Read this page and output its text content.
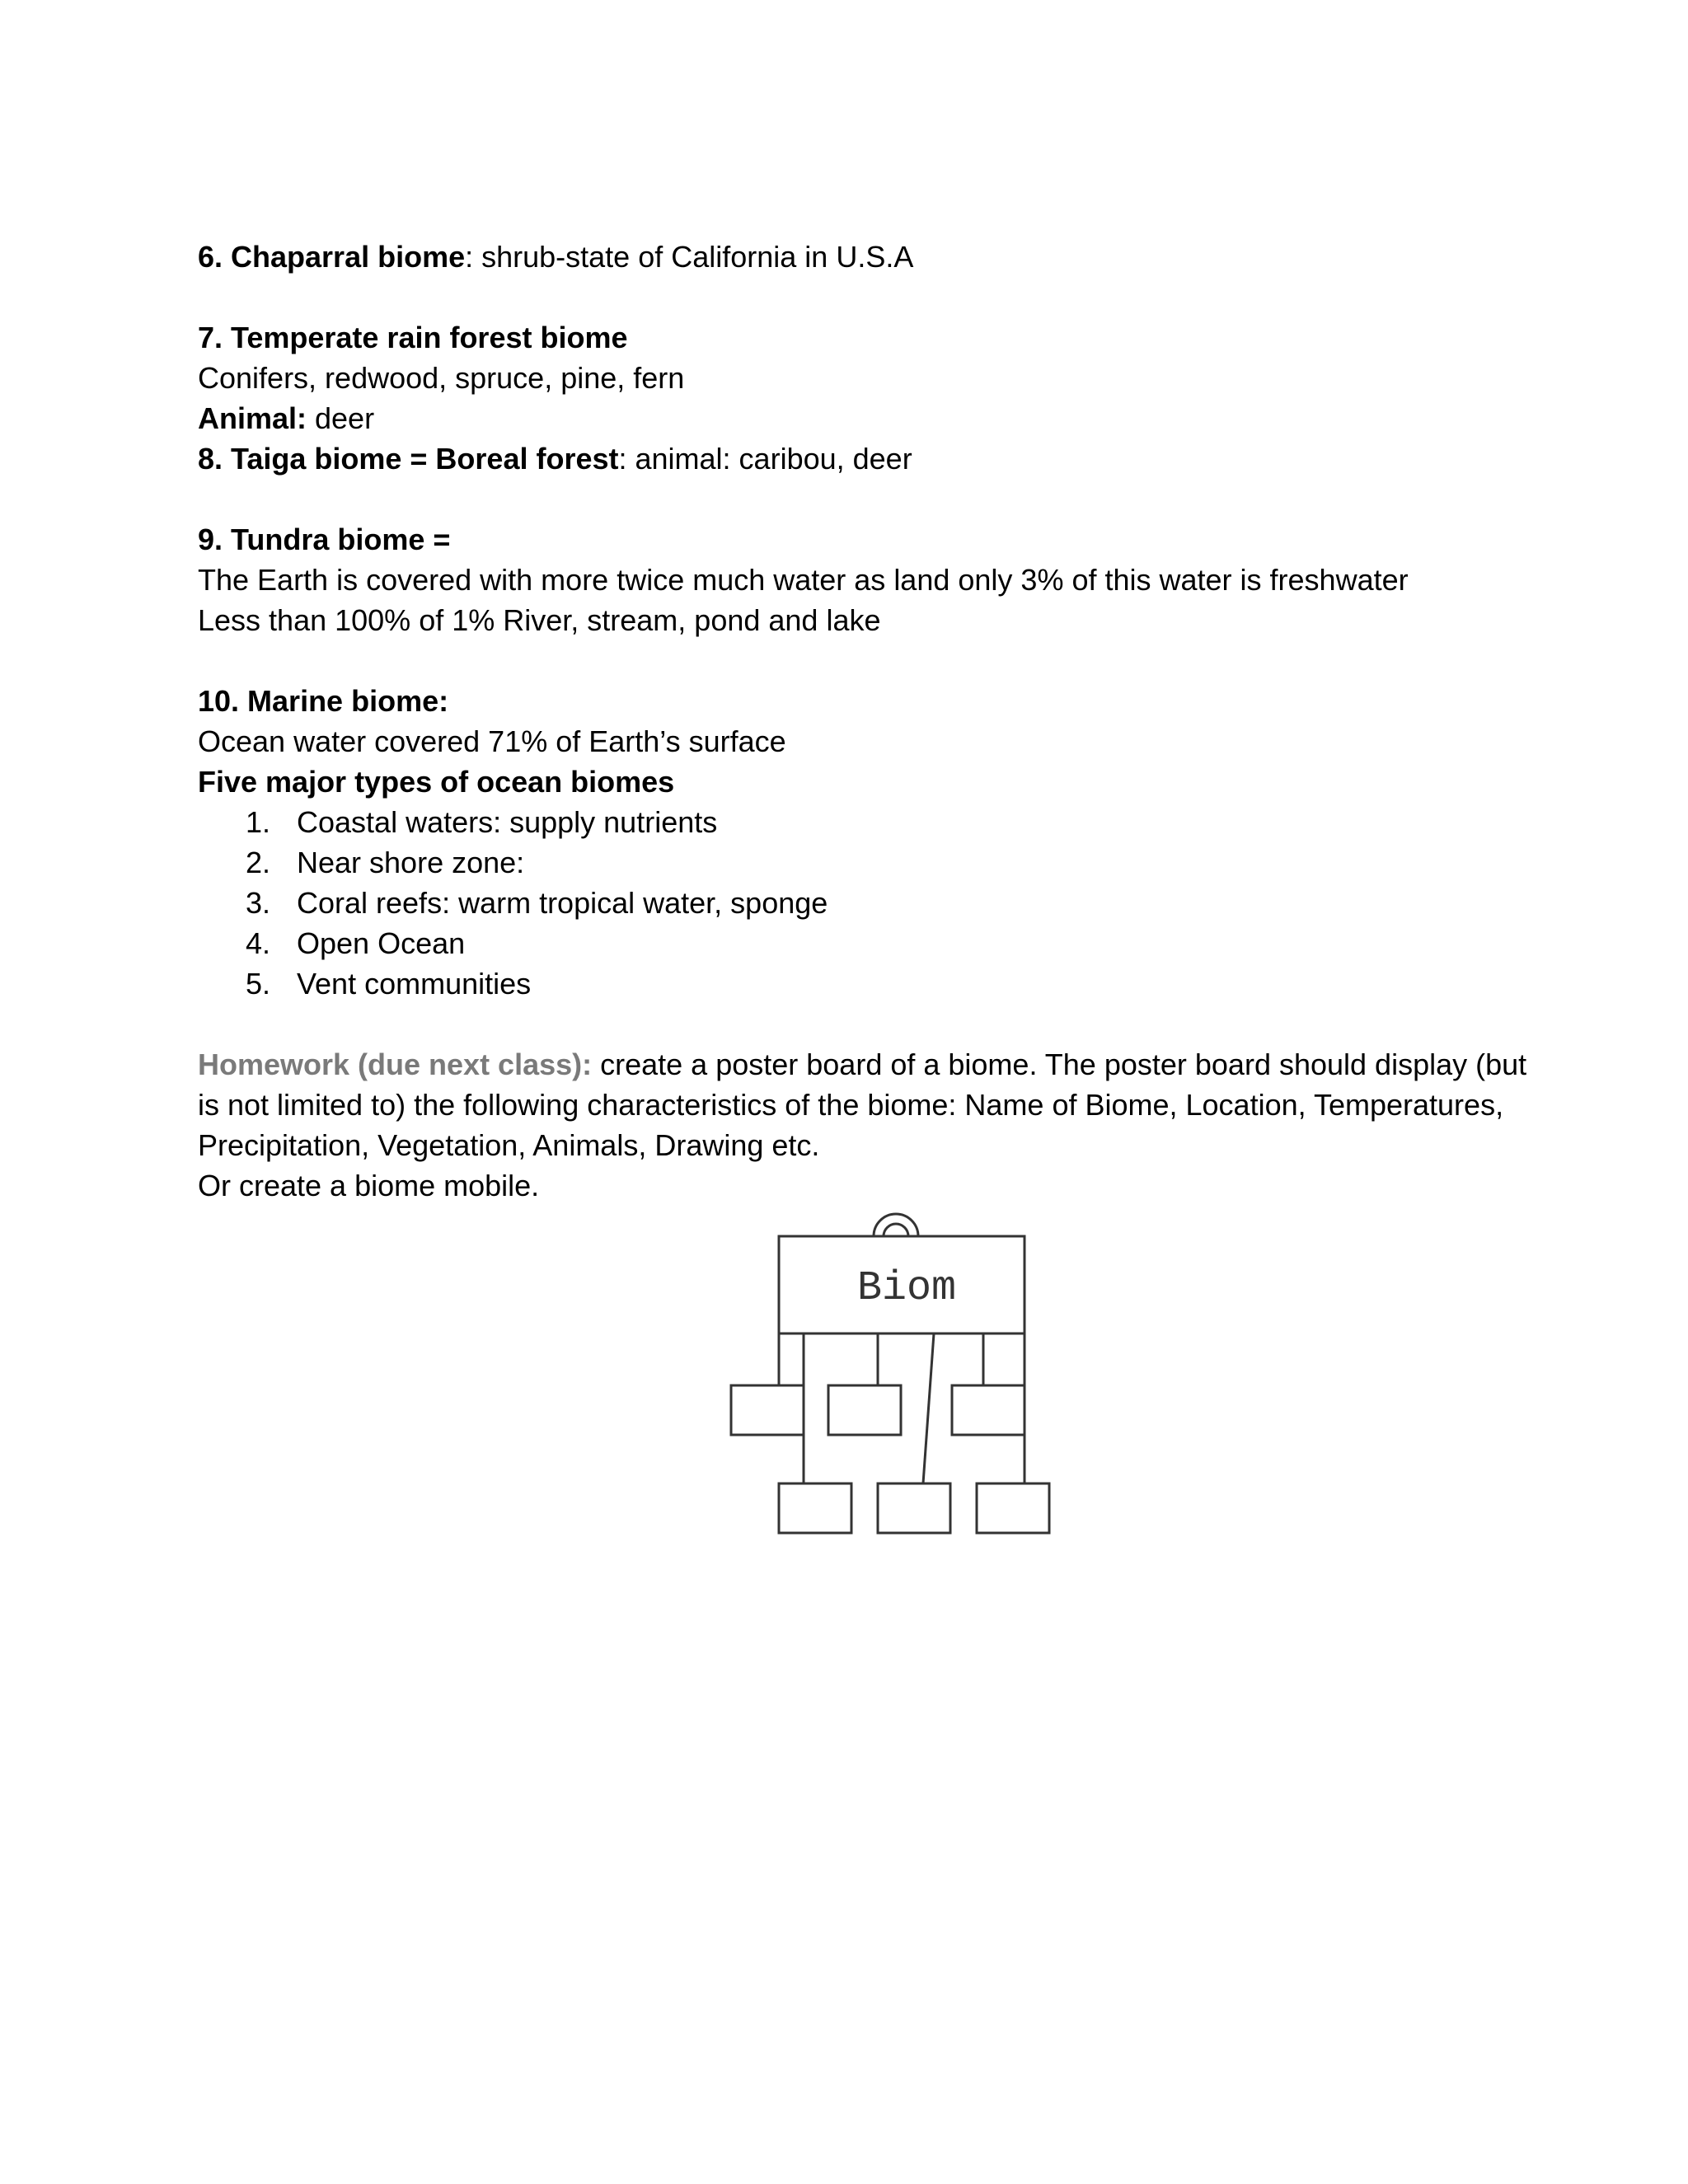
6. Chaparral biome: shrub-state of California in U.S.A
7. Temperate rain forest biome
Conifers, redwood, spruce, pine, fern
Animal: deer
8. Taiga biome = Boreal forest: animal: caribou, deer
9. Tundra biome =
The Earth is covered with more twice much water as land only 3% of this water is freshwater
Less than 100% of 1% River, stream, pond and lake
10. Marine biome:
Ocean water covered 71% of Earth’s surface
Five major types of ocean biomes
1. Coastal waters: supply nutrients
2. Near shore zone:
3. Coral reefs: warm tropical water, sponge
4. Open Ocean
5. Vent communities
Homework (due next class): create a poster board of a biome. The poster board should display (but is not limited to) the following characteristics of the biome: Name of Biome, Location, Temperatures, Precipitation, Vegetation, Animals, Drawing etc.
Or create a biome mobile.
Biom
